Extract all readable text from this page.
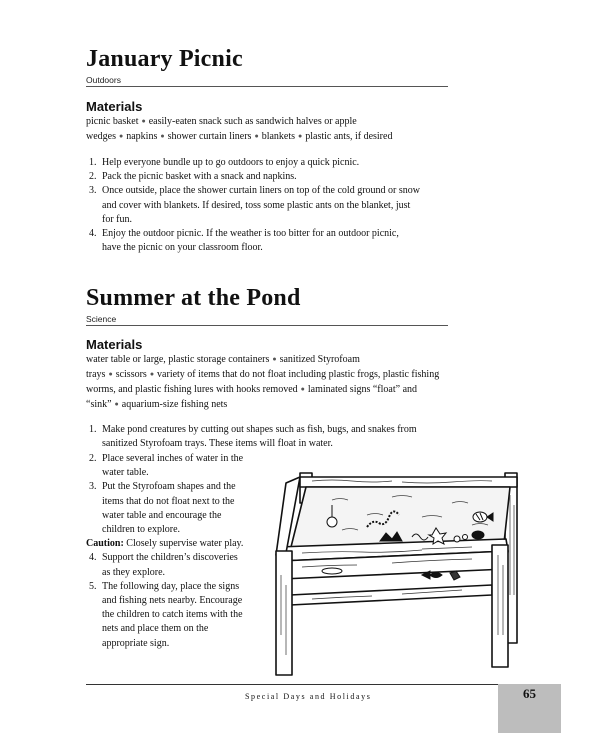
January Picnic

Outdoors

Materials

picnic basket ● easily-eaten snack such as sandwich halves or apple wedges ● napkins ● shower curtain liners ● blankets ● plastic ants, if desired

1. Help everyone bundle up to go outdoors to enjoy a quick picnic.
2. Pack the picnic basket with a snack and napkins.
3. Once outside, place the shower curtain liners on top of the cold ground or snow
and cover with blankets. If desired, toss some plastic ants on the blanket, just
for fun.
4. Enjoy the outdoor picnic. If the weather is too bitter for an outdoor picnic,
have the picnic on your classroom floor.
Summer at the Pond

Science

Materials

water table or large, plastic storage containers ● sanitized Styrofoam trays ● scissors ● variety of items that do not float including plastic frogs, plastic fishing worms, and plastic fishing lures with hooks removed ● laminated signs “float” and “sink” ● aquarium-size fishing nets

1. Make pond creatures by cutting out shapes such as fish, bugs, and snakes from
sanitized Styrofoam trays. These items will float in water.
2. Place several inches of water in the
water table.
3. Put the Styrofoam shapes and the
items that do not float next to the
water table and encourage the
children to explore.

Caution: Closely supervise water play.

4. Support the children’s discoveries
as they explore.
5. The following day, place the signs
and fishing nets nearby. Encourage
the children to catch items with the
nets and place them on the
appropriate sign.
Special Days and Holidays	65
